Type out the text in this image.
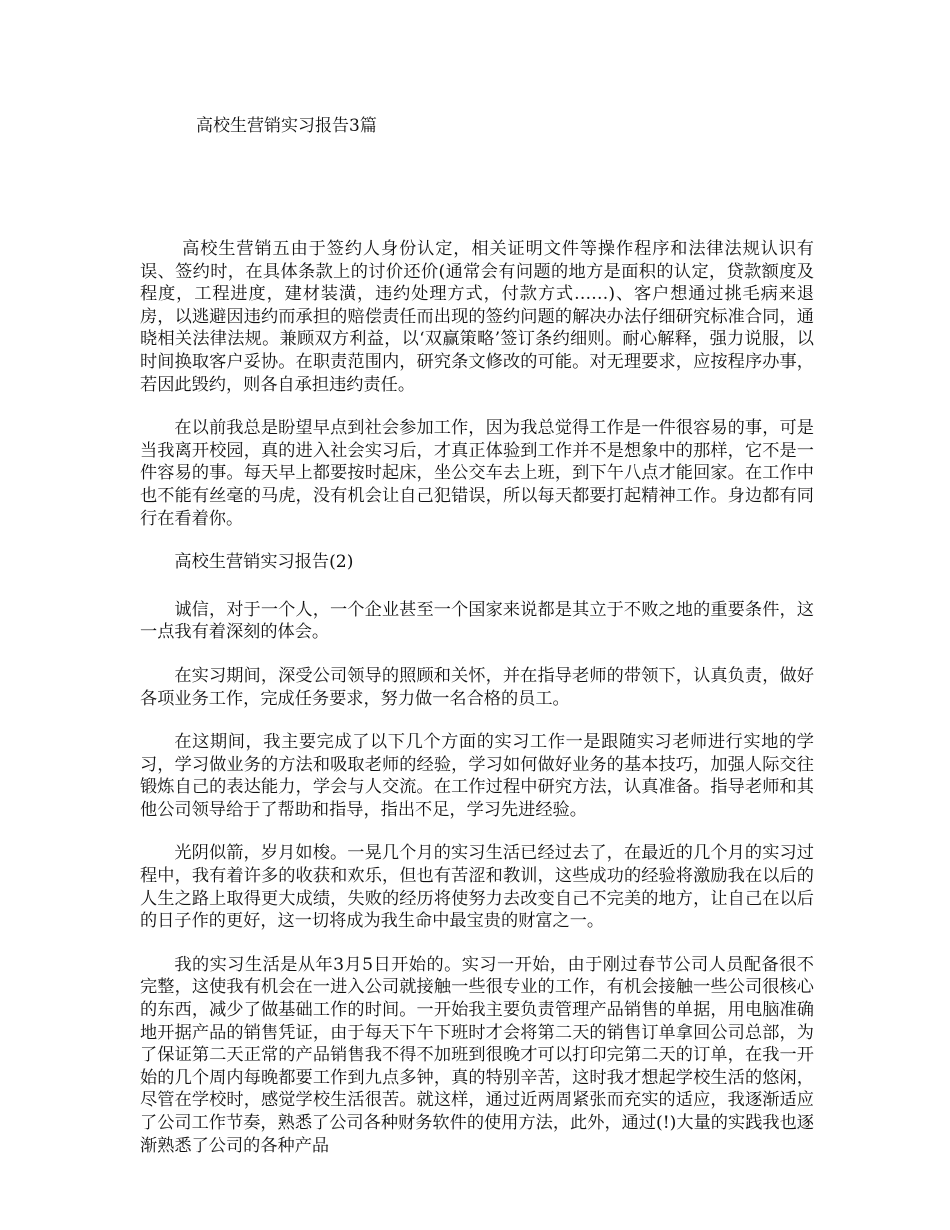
高校生营销实习报告3篇

高校生营销五由于签约人身份认定，相关证明文件等操作程序和法律法规认识有误、签约时，在具体条款上的讨价还价(通常会有问题的地方是面积的认定，贷款额度及程度，工程进度，建材装潢，违约处理方式，付款方式……)、客户想通过挑毛病来退房，以逃避因违约而承担的赔偿责任而出现的签约问题的解决办法仔细研究标准合同，通晓相关法律法规。兼顾双方利益，以‘双赢策略’签订条约细则。耐心解释，强力说服，以时间换取客户妥协。在职责范围内，研究条文修改的可能。对无理要求，应按程序办事，若因此毁约，则各自承担违约责任。

在以前我总是盼望早点到社会参加工作，因为我总觉得工作是一件很容易的事，可是当我离开校园，真的进入社会实习后，才真正体验到工作并不是想象中的那样，它不是一件容易的事。每天早上都要按时起床，坐公交车去上班，到下午八点才能回家。在工作中也不能有丝毫的马虎，没有机会让自己犯错误，所以每天都要打起精神工作。身边都有同行在看着你。

高校生营销实习报告(2)

诚信，对于一个人，一个企业甚至一个国家来说都是其立于不败之地的重要条件，这一点我有着深刻的体会。

在实习期间，深受公司领导的照顾和关怀，并在指导老师的带领下，认真负责，做好各项业务工作，完成任务要求，努力做一名合格的员工。

在这期间，我主要完成了以下几个方面的实习工作一是跟随实习老师进行实地的学习，学习做业务的方法和吸取老师的经验，学习如何做好业务的基本技巧，加强人际交往锻炼自己的表达能力，学会与人交流。在工作过程中研究方法，认真准备。指导老师和其他公司领导给于了帮助和指导，指出不足，学习先进经验。

光阴似箭，岁月如梭。一晃几个月的实习生活已经过去了，在最近的几个月的实习过程中，我有着许多的收获和欢乐，但也有苦涩和教训，这些成功的经验将激励我在以后的人生之路上取得更大成绩，失败的经历将使努力去改变自己不完美的地方，让自己在以后的日子作的更好，这一切将成为我生命中最宝贵的财富之一。

我的实习生活是从年3月5日开始的。实习一开始，由于刚过春节公司人员配备很不完整，这使我有机会在一进入公司就接触一些很专业的工作，有机会接触一些公司很核心的东西，减少了做基础工作的时间。一开始我主要负责管理产品销售的单据，用电脑准确地开据产品的销售凭证，由于每天下午下班时才会将第二天的销售订单拿回公司总部，为了保证第二天正常的产品销售我不得不加班到很晚才可以打印完第二天的订单，在我一开始的几个周内每晚都要工作到九点多钟，真的特别辛苦，这时我才想起学校生活的悠闲，尽管在学校时，感觉学校生活很苦。就这样，通过近两周紧张而充实的适应，我逐渐适应了公司工作节奏，熟悉了公司各种财务软件的使用方法，此外，通过(!)大量的实践我也逐渐熟悉了公司的各种产品
